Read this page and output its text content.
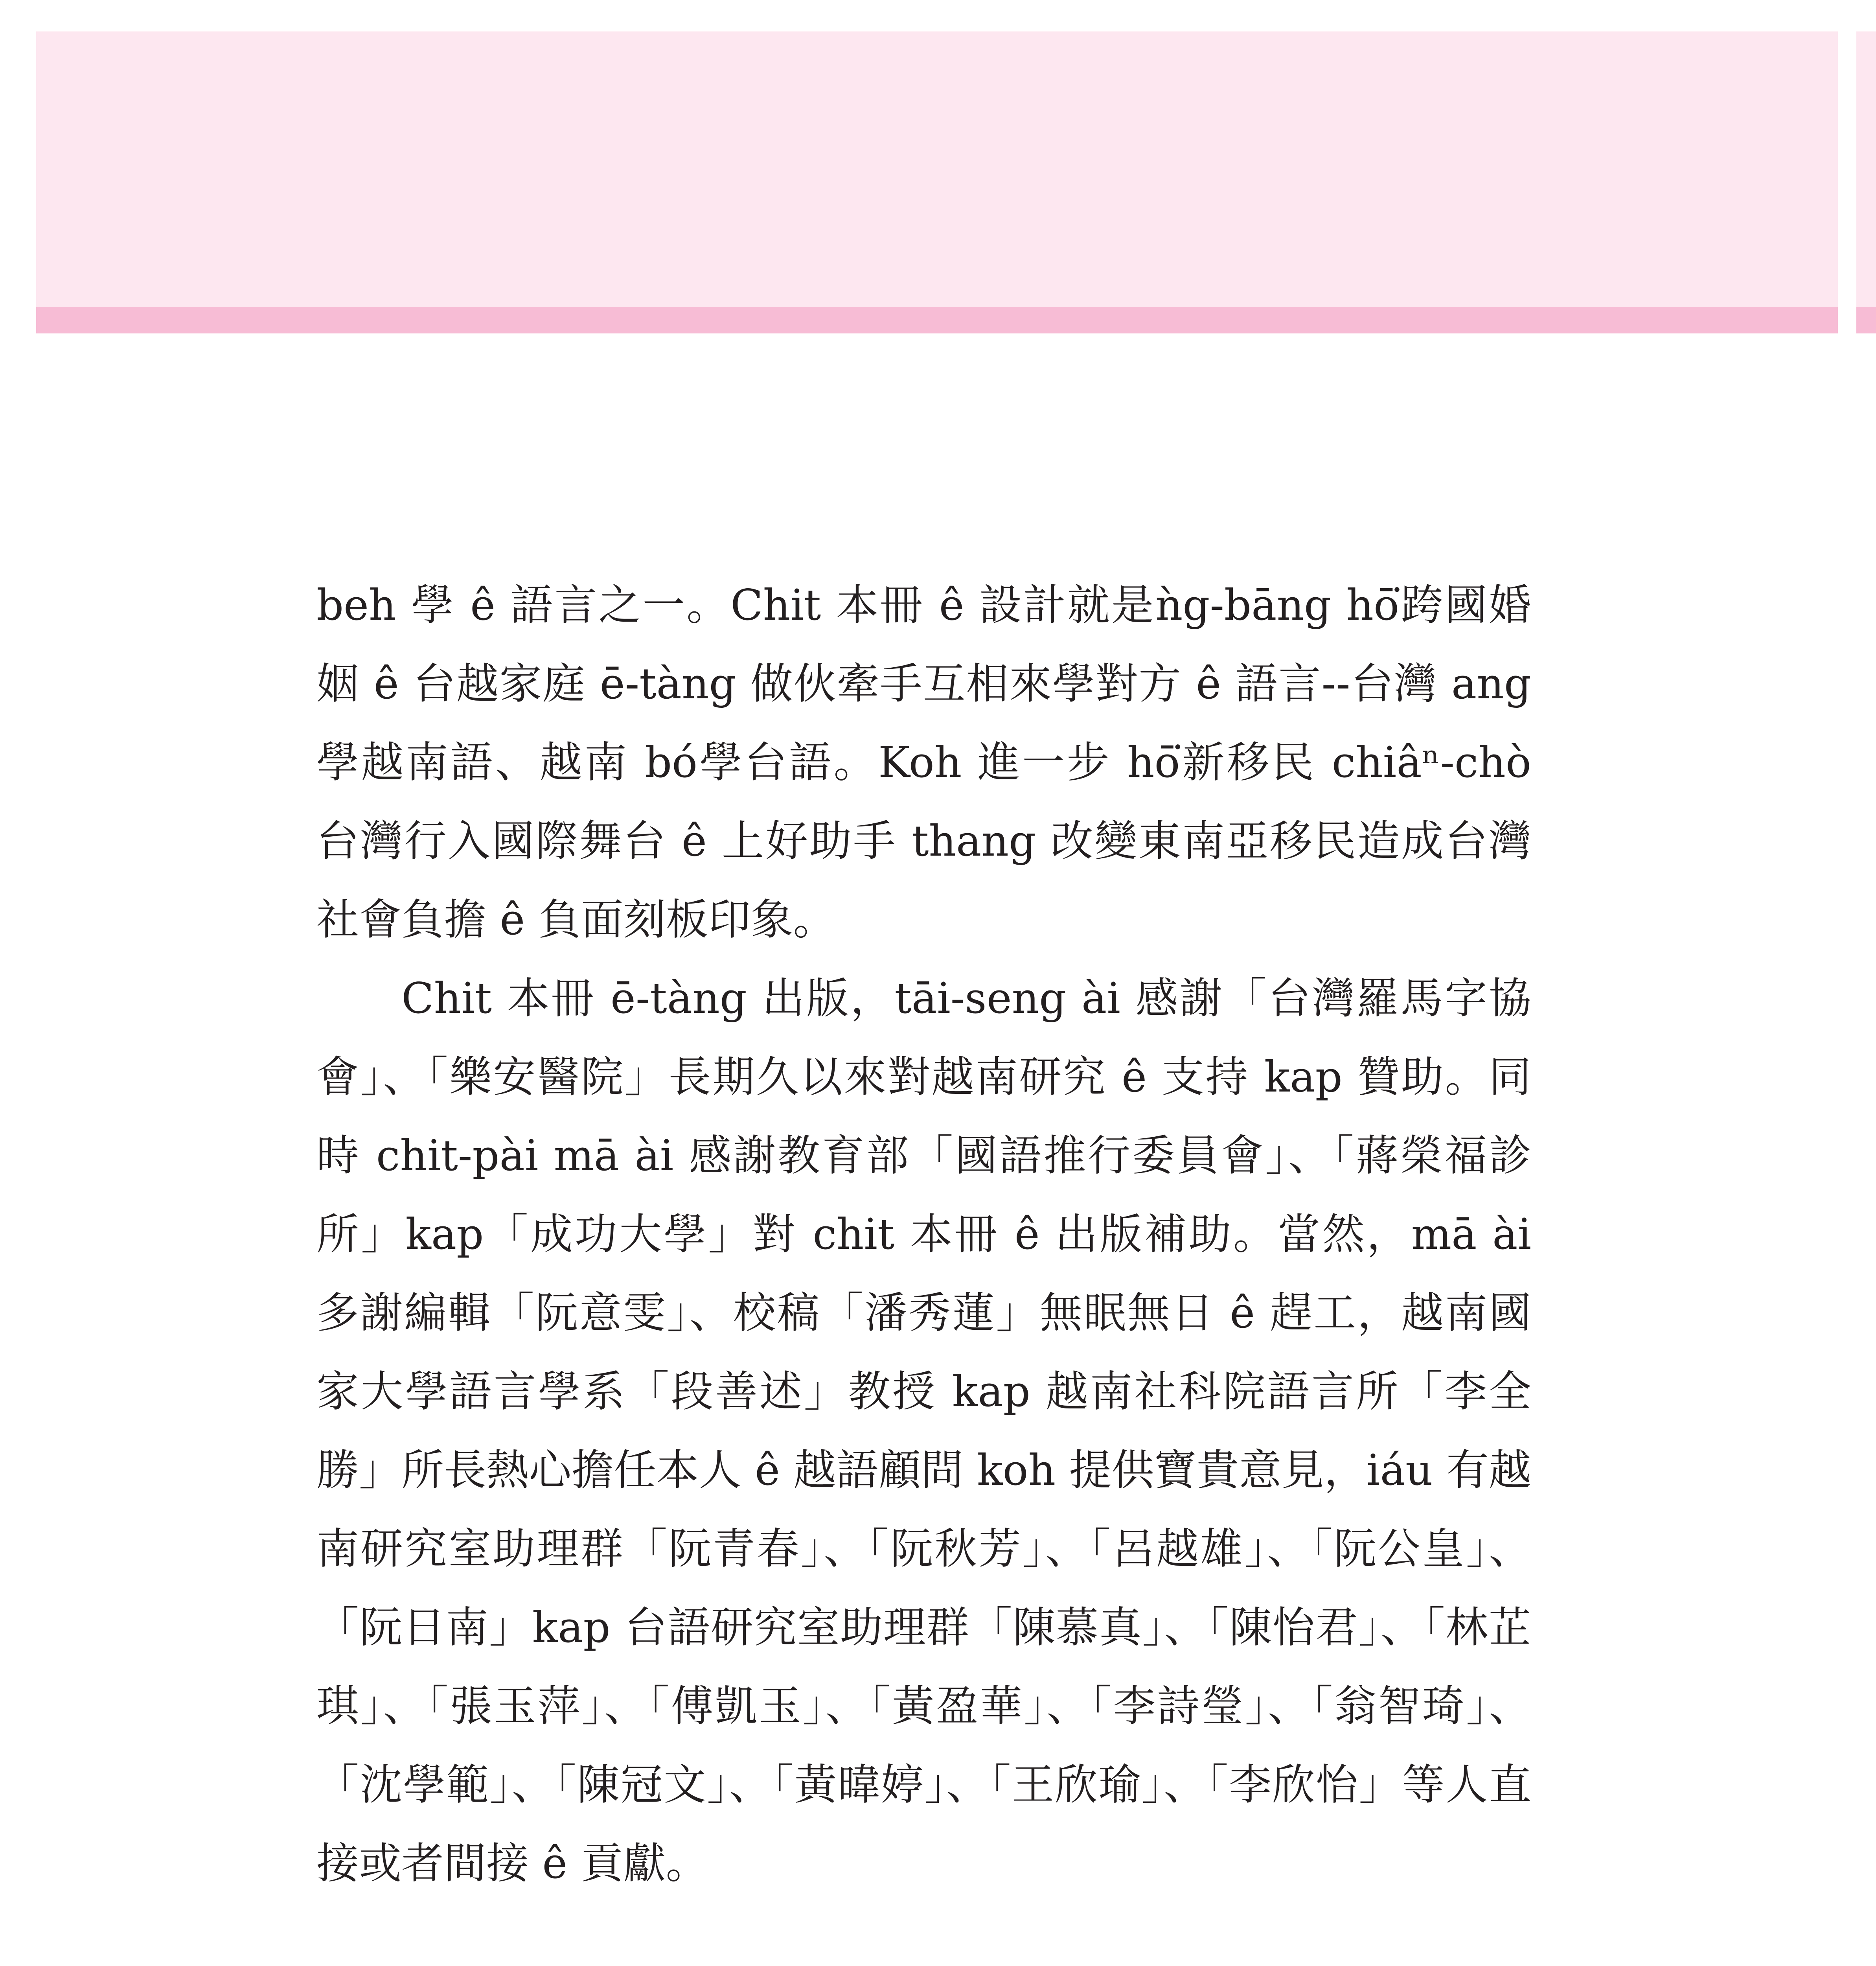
beh 學 ê 語言之一。Chit 本冊 ê 設計就是ǹg-bāng hō͘跨國婚姻 ê 台越家庭 ē-tàng 做伙牽手互相來學對方 ê 語言--台灣 ang 學越南語、越南 bó學台語。Koh 進一步 hō͘新移民 chiâⁿ-chò 台灣行入國際舞台 ê 上好助手 thang 改變東南亞移民造成台灣社會負擔 ê 負面刻板印象。

Chit 本冊 ē-tàng 出版，tāi-seng ài 感謝「台灣羅馬字協會」、「樂安醫院」長期久以來對越南研究 ê 支持 kap 贊助。同時 chit-pài mā ài 感謝教育部「國語推行委員會」、「蔣榮福診所」kap「成功大學」對 chit 本冊 ê 出版補助。當然，mā ài 多謝編輯「阮意雯」、校稿「潘秀蓮」無眠無日 ê 趕工，越南國家大學語言學系「段善述」教授 kap 越南社科院語言所「李全勝」所長熱心擔任本人 ê 越語顧問 koh 提供寶貴意見，iáu 有越南研究室助理群「阮青春」、「阮秋芳」、「呂越雄」、「阮公皇」、「阮日南」kap 台語研究室助理群「陳慕真」、「陳怡君」、「林芷琪」、「張玉萍」、「傅凱玉」、「黃盈華」、「李詩瑩」、「翁智琦」、「沈學範」、「陳冠文」、「黃暐婷」、「王欣瑜」、「李欣怡」等人直接或者間接 ê 貢獻。
